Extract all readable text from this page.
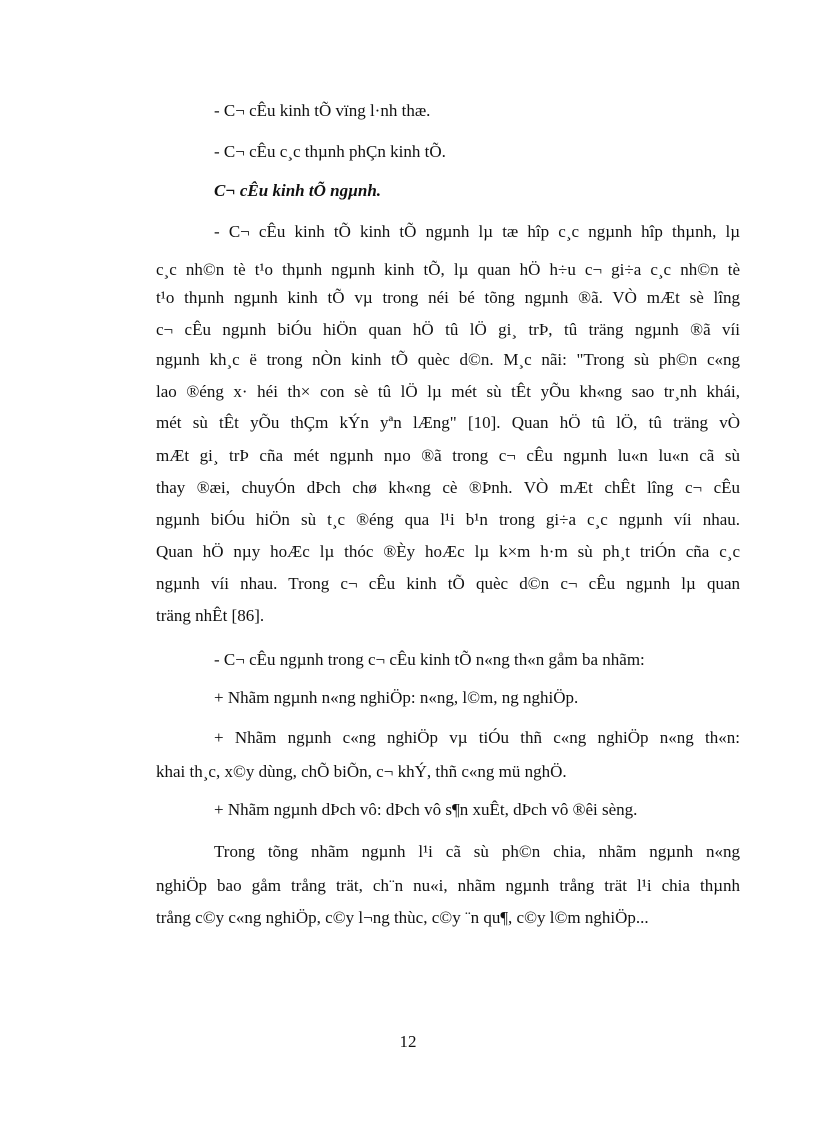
- C¬ cÊu kinh tÕ vïng l·nh thæ.
- C¬ cÊu c¸c thµnh phÇn kinh tÕ.
C¬ cÊu kinh tÕ ngµnh.
- C¬ cÊu kinh tÕ kinh tÕ ngµnh lµ tæ hîp c¸c ngµnh hîp thµnh, lµ
c¸c nh©n tè t¹o thµnh ngµnh kinh tÕ, lµ quan hÖ h÷u c¬ gi÷a c¸c nh©n tè
t¹o thµnh ngµnh kinh tÕ vµ trong néi bé tõng ngµnh ®ã. VÒ mÆt sè lîng
c¬ cÊu ngµnh biÓu hiÖn quan hÖ tû lÖ gi¸ trÞ, tû träng ngµnh ®ã víi
ngµnh kh¸c ë trong nÒn kinh tÕ quèc d©n. M¸c nãi: "Trong sù ph©n c«ng
lao ®éng x· héi th× con sè tû lÖ lµ mét sù tÊt yÕu kh«ng sao tr¸nh khái,
mét sù tÊt yÕu thÇm kÝn yªn lÆng" [10]. Quan hÖ tû lÖ, tû träng vÒ
mÆt gi¸ trÞ cña mét ngµnh nµo ®ã trong c¬ cÊu ngµnh lu«n lu«n cã sù
thay ®æi, chuyÓn dÞch chø kh«ng cè ®Þnh. VÒ mÆt chÊt lîng c¬ cÊu
ngµnh biÓu hiÖn sù t¸c ®éng qua l¹i b¹n trong gi÷a c¸c ngµnh víi nhau.
Quan hÖ nµy hoÆc lµ thóc ®Èy hoÆc lµ k×m h·m sù ph¸t triÓn cña c¸c
ngµnh víi nhau. Trong c¬ cÊu kinh tÕ quèc d©n c¬ cÊu ngµnh lµ quan
träng nhÊt [86].
- C¬ cÊu ngµnh trong c¬ cÊu kinh tÕ n«ng th«n gåm ba nhãm:
+ Nhãm ngµnh n«ng nghiÖp: n«ng, l©m, ng nghiÖp.
+ Nhãm ngµnh c«ng nghiÖp vµ tiÓu thñ c«ng nghiÖp n«ng th«n:
khai th¸c, x©y dùng, chÕ biÕn, c¬ khÝ, thñ c«ng mü nghÖ.
+ Nhãm ngµnh dÞch vô: dÞch vô s¶n xuÊt, dÞch vô ®êi sèng.
Trong tõng nhãm ngµnh l¹i cã sù ph©n chia, nhãm ngµnh n«ng
nghiÖp bao gåm trång trät, ch¨n nu«i, nhãm ngµnh trång trät l¹i chia thµnh
trång c©y c«ng nghiÖp, c©y l¬ng thùc, c©y ¨n qu¶, c©y l©m nghiÖp...
12
